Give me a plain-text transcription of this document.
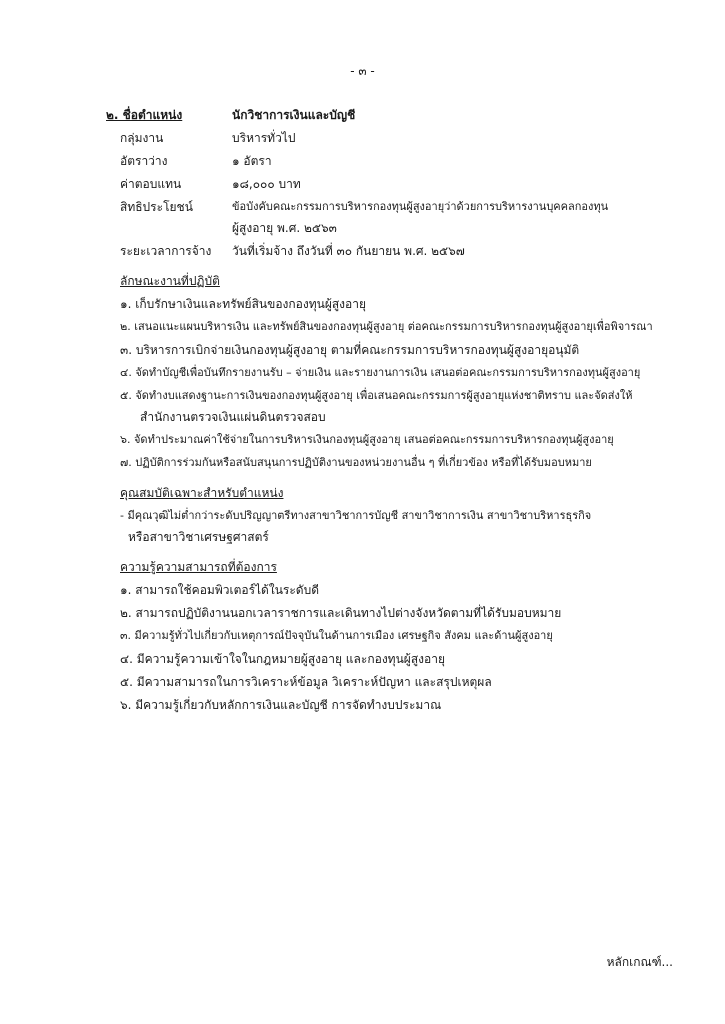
- ๓ -
๒. ชื่อตำแหน่ง	นักวิชาการเงินและบัญชี
กลุ่มงาน	บริหารทั่วไป
อัตราว่าง	๑ อัตรา
ค่าตอบแทน	๑๘,๐๐๐ บาท
สิทธิประโยชน์	ข้อบังคับคณะกรรมการบริหารกองทุนผู้สูงอายุว่าด้วยการบริหารงานบุคคลกองทุน
ผู้สูงอายุ พ.ศ. ๒๕๖๓
ระยะเวลาการจ้าง วันที่เริ่มจ้าง ถึงวันที่ ๓๐ กันยายน พ.ศ. ๒๕๖๗
ลักษณะงานที่ปฏิบัติ
๑. เก็บรักษาเงินและทรัพย์สินของกองทุนผู้สูงอายุ
๒. เสนอแนะแผนบริหารเงิน และทรัพย์สินของกองทุนผู้สูงอายุ ต่อคณะกรรมการบริหารกองทุนผู้สูงอายุเพื่อพิจารณา
๓. บริหารการเบิกจ่ายเงินกองทุนผู้สูงอายุ ตามที่คณะกรรมการบริหารกองทุนผู้สูงอายุอนุมัติ
๔. จัดทำบัญชีเพื่อบันทึกรายงานรับ – จ่ายเงิน และรายงานการเงิน เสนอต่อคณะกรรมการบริหารกองทุนผู้สูงอายุ
๕. จัดทำงบแสดงฐานะการเงินของกองทุนผู้สูงอายุ เพื่อเสนอคณะกรรมการผู้สูงอายุแห่งชาติทราบ และจัดส่งให้
สำนักงานตรวจเงินแผ่นดินตรวจสอบ
๖. จัดทำประมาณค่าใช้จ่ายในการบริหารเงินกองทุนผู้สูงอายุ เสนอต่อคณะกรรมการบริหารกองทุนผู้สูงอายุ
๗. ปฏิบัติการร่วมกันหรือสนับสนุนการปฏิบัติงานของหน่วยงานอื่น ๆ ที่เกี่ยวข้อง หรือที่ได้รับมอบหมาย
คุณสมบัติเฉพาะสำหรับตำแหน่ง
- มีคุณวุฒิไม่ต่ำกว่าระดับปริญญาตรีทางสาขาวิชาการบัญชี สาขาวิชาการเงิน สาขาวิชาบริหารธุรกิจ
หรือสาขาวิชาเศรษฐศาสตร์
ความรู้ความสามารถที่ต้องการ
๑. สามารถใช้คอมพิวเตอร์ได้ในระดับดี
๒. สามารถปฏิบัติงานนอกเวลาราชการและเดินทางไปต่างจังหวัดตามที่ได้รับมอบหมาย
๓. มีความรู้ทั่วไปเกี่ยวกับเหตุการณ์ปัจจุบันในด้านการเมือง เศรษฐกิจ สังคม และด้านผู้สูงอายุ
๔. มีความรู้ความเข้าใจในกฎหมายผู้สูงอายุ และกองทุนผู้สูงอายุ
๕. มีความสามารถในการวิเคราะห์ข้อมูล วิเคราะห์ปัญหา และสรุปเหตุผล
๖. มีความรู้เกี่ยวกับหลักการเงินและบัญชี การจัดทำงบประมาณ
หลักเกณฑ์...
